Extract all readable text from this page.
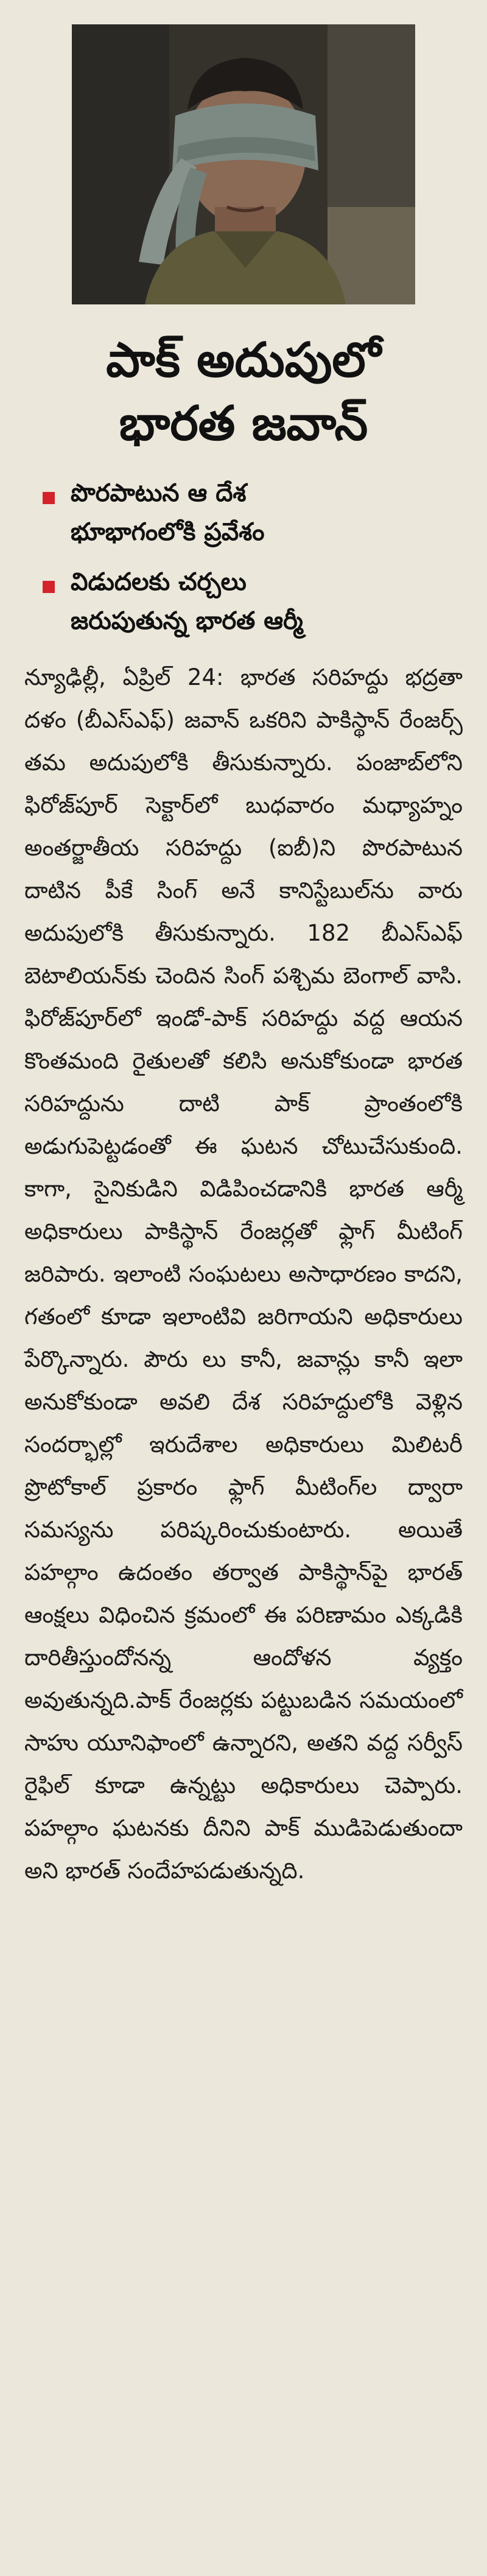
పాక్ అదుపులో
భారత జవాన్
పొరపాటున ఆ దేశ
భూభాగంలోకి ప్రవేశం
విడుదలకు చర్చలు
జరుపుతున్న భారత ఆర్మీ
న్యూఢిల్లీ, ఏప్రిల్ 24: భారత సరిహద్దు భద్రతా దళం (బీఎస్ఎఫ్) జవాన్ ఒకరిని పాకిస్థాన్ రేంజర్స్ తమ అదుపులోకి తీసుకున్నారు. పంజాబ్‌లోని ఫిరోజ్‌పూర్ సెక్టార్‌లో బుధవారం మధ్యాహ్నం అంతర్జాతీయ సరిహద్దు (ఐబీ)ని పొరపాటున దాటిన పీకే సింగ్ అనే కానిస్టేబుల్‌ను వారు అదుపులోకి తీసుకున్నారు. 182 బీఎస్ఎఫ్ బెటాలియన్‌కు చెందిన సింగ్ పశ్చిమ బెంగాల్ వాసి. ఫిరోజ్‌పూర్‌లో ఇండో-పాక్ సరిహద్దు వద్ద ఆయన కొంతమంది రైతులతో కలిసి అనుకోకుండా భారత సరిహద్దును దాటి పాక్ ప్రాంతంలోకి అడుగుపెట్టడంతో ఈ ఘటన చోటుచేసుకుంది. కాగా, సైనికుడిని విడిపించడానికి భారత ఆర్మీ అధికారులు పాకిస్థాన్ రేంజర్లతో ఫ్లాగ్ మీటింగ్ జరిపారు. ఇలాంటి సంఘటలు అసాధారణం కాదని, గతంలో కూడా ఇలాంటివి జరిగాయని అధికారులు పేర్కొన్నారు. పౌరు లు కానీ, జవాన్లు కానీ ఇలా అనుకోకుండా అవలి దేశ సరిహద్దులోకి వెళ్లిన సందర్భాల్లో ఇరుదేశాల అధికారులు మిలిటరీ ప్రొటోకాల్ ప్రకారం ఫ్లాగ్ మీటింగ్‌ల ద్వారా సమస్యను పరిష్కరించుకుంటారు. అయితే పహల్గాం ఉదంతం తర్వాత పాకిస్థాన్‌పై భారత్ ఆంక్షలు విధించిన క్రమంలో ఈ పరిణామం ఎక్కడికి దారితీస్తుందోనన్న ఆందోళన వ్యక్తం అవుతున్నది.పాక్ రేంజర్లకు పట్టుబడిన సమయంలో సాహు యూనిఫాంలో ఉన్నారని, అతని వద్ద సర్వీస్ రైఫిల్ కూడా ఉన్నట్టు అధికారులు చెప్పారు. పహల్గాం ఘటనకు దీనిని పాక్ ముడిపెడుతుందా అని భారత్ సందేహపడుతున్నది.
